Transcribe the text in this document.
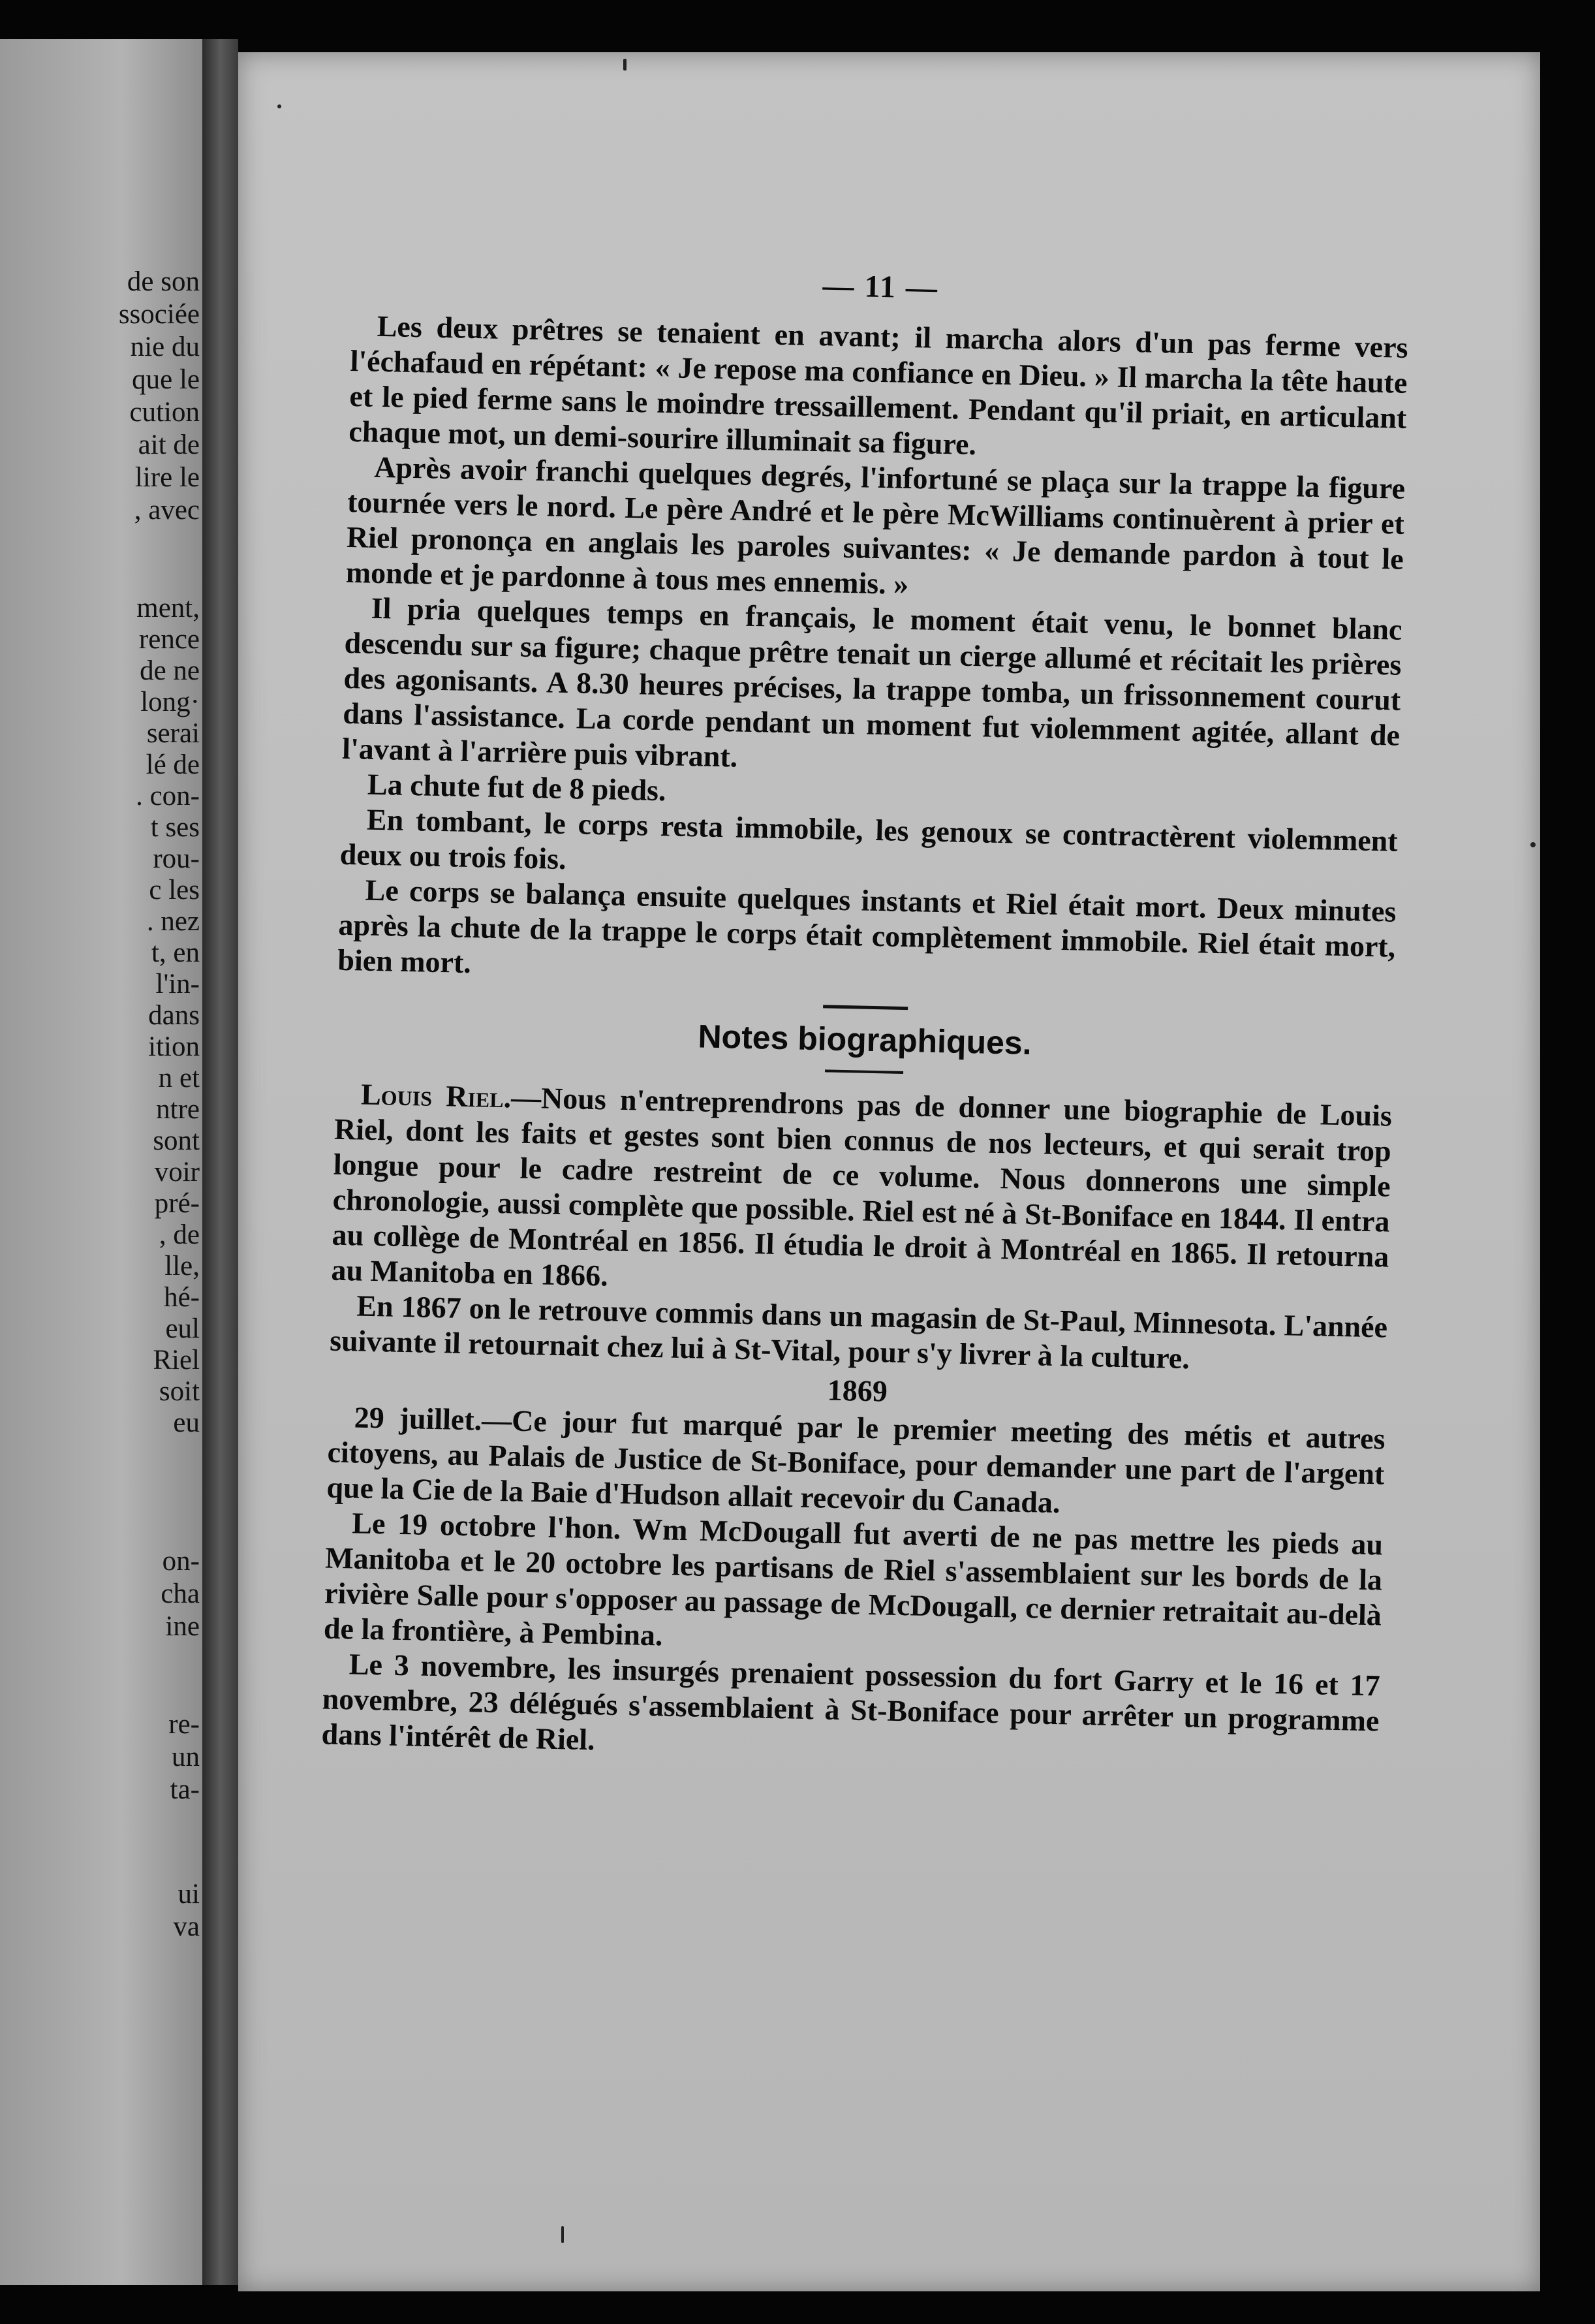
de son
ssociée
nie du
que le
cution
ait de
lire le
, avec
ment,
rence
de ne
long·
serai
lé de
. con-
t ses
rou-
c les
. nez
t, en
l'in-
dans
ition
n et
ntre
sont
voir
pré-
, de
lle,
hé-
eul
Riel
soit
eu
on-
cha
ine
re-
un
ta-
ui
va
— 11 —

Les deux prêtres se tenaient en avant; il marcha alors d'un pas ferme vers l'échafaud en répétant: « Je repose ma confiance en Dieu. » Il marcha la tête haute et le pied ferme sans le moindre tressaillement. Pendant qu'il priait, en articulant chaque mot, un demi-sourire illuminait sa figure.

Après avoir franchi quelques degrés, l'infortuné se plaça sur la trappe la figure tournée vers le nord. Le père André et le père McWilliams continuèrent à prier et Riel prononça en anglais les paroles suivantes: « Je demande pardon à tout le monde et je pardonne à tous mes ennemis. »

Il pria quelques temps en français, le moment était venu, le bonnet blanc descendu sur sa figure; chaque prêtre tenait un cierge allumé et récitait les prières des agonisants. A 8.30 heures précises, la trappe tomba, un frissonnement courut dans l'assistance. La corde pendant un moment fut violemment agitée, allant de l'avant à l'arrière puis vibrant.

La chute fut de 8 pieds.

En tombant, le corps resta immobile, les genoux se contractèrent violemment deux ou trois fois.

Le corps se balança ensuite quelques instants et Riel était mort. Deux minutes après la chute de la trappe le corps était complètement immobile. Riel était mort, bien mort.

Notes biographiques.

Louis Riel.—Nous n'entreprendrons pas de donner une biographie de Louis Riel, dont les faits et gestes sont bien connus de nos lecteurs, et qui serait trop longue pour le cadre restreint de ce volume. Nous donnerons une simple chronologie, aussi complète que possible. Riel est né à St-Boniface en 1844. Il entra au collège de Montréal en 1856. Il étudia le droit à Montréal en 1865. Il retourna au Manitoba en 1866.

En 1867 on le retrouve commis dans un magasin de St-Paul, Minnesota. L'année suivante il retournait chez lui à St-Vital, pour s'y livrer à la culture.

1869

29 juillet.—Ce jour fut marqué par le premier meeting des métis et autres citoyens, au Palais de Justice de St-Boniface, pour demander une part de l'argent que la Cie de la Baie d'Hudson allait recevoir du Canada.

Le 19 octobre l'hon. Wm McDougall fut averti de ne pas mettre les pieds au Manitoba et le 20 octobre les partisans de Riel s'assemblaient sur les bords de la rivière Salle pour s'opposer au passage de McDougall, ce dernier retraitait au-delà de la frontière, à Pembina.

Le 3 novembre, les insurgés prenaient possession du fort Garry et le 16 et 17 novembre, 23 délégués s'assemblaient à St-Boniface pour arrêter un programme dans l'intérêt de Riel.
